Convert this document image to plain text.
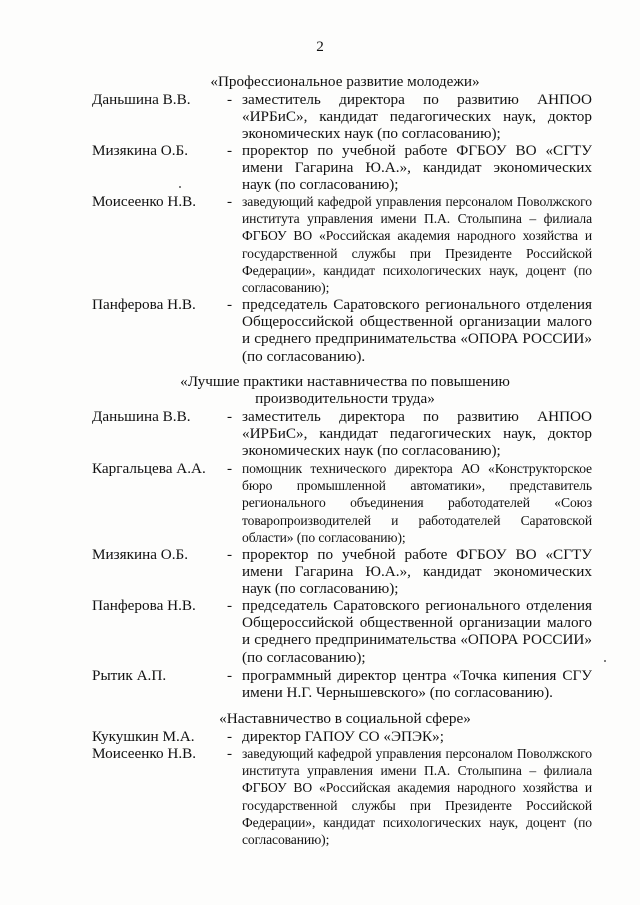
2
«Профессиональное развитие молодежи»
Даньшина В.В. - заместитель директора по развитию АНПОО «ИРБиС», кандидат педагогических наук, доктор экономических наук (по согласованию);
Мизякина О.Б.	- проректор по учебной работе ФГБОУ ВО «СГТУ имени Гагарина Ю.А.», кандидат экономических наук (по согласованию);
Моисеенко Н.В. - заведующий кафедрой управления персоналом Поволжского института управления имени П.А. Столыпина – филиала ФГБОУ ВО «Российская академия народного хозяйства и государственной службы при Президенте Российской Федерации», кандидат психологических наук, доцент (по согласованию);
Панферова Н.В. - председатель Саратовского регионального отделения Общероссийской общественной организации малого и среднего предпринимательства «ОПОРА РОССИИ» (по согласованию).
«Лучшие практики наставничества по повышению производительности труда»
Даньшина В.В. - заместитель директора по развитию АНПОО «ИРБиС», кандидат педагогических наук, доктор экономических наук (по согласованию);
Каргальцева А.А. - помощник технического директора АО «Конструкторское бюро промышленной автоматики», представитель регионального объединения работодателей «Союз товаропроизводителей и работодателей Саратовской области» (по согласованию);
Мизякина О.Б.	- проректор по учебной работе ФГБОУ ВО «СГТУ имени Гагарина Ю.А.», кандидат экономических наук (по согласованию);
Панферова Н.В. - председатель Саратовского регионального отделения Общероссийской общественной организации малого и среднего предпринимательства «ОПОРА РОССИИ» (по согласованию);
Рытик А.П.	- программный директор центра «Точка кипения СГУ имени Н.Г. Чернышевского» (по согласованию).
«Наставничество в социальной сфере»
Кукушкин М.А. - директор ГАПОУ СО «ЭПЭК»;
Моисеенко Н.В. - заведующий кафедрой управления персоналом Поволжского института управления имени П.А. Столыпина – филиала ФГБОУ ВО «Российская академия народного хозяйства и государственной службы при Президенте Российской Федерации», кандидат психологических наук, доцент (по согласованию);
